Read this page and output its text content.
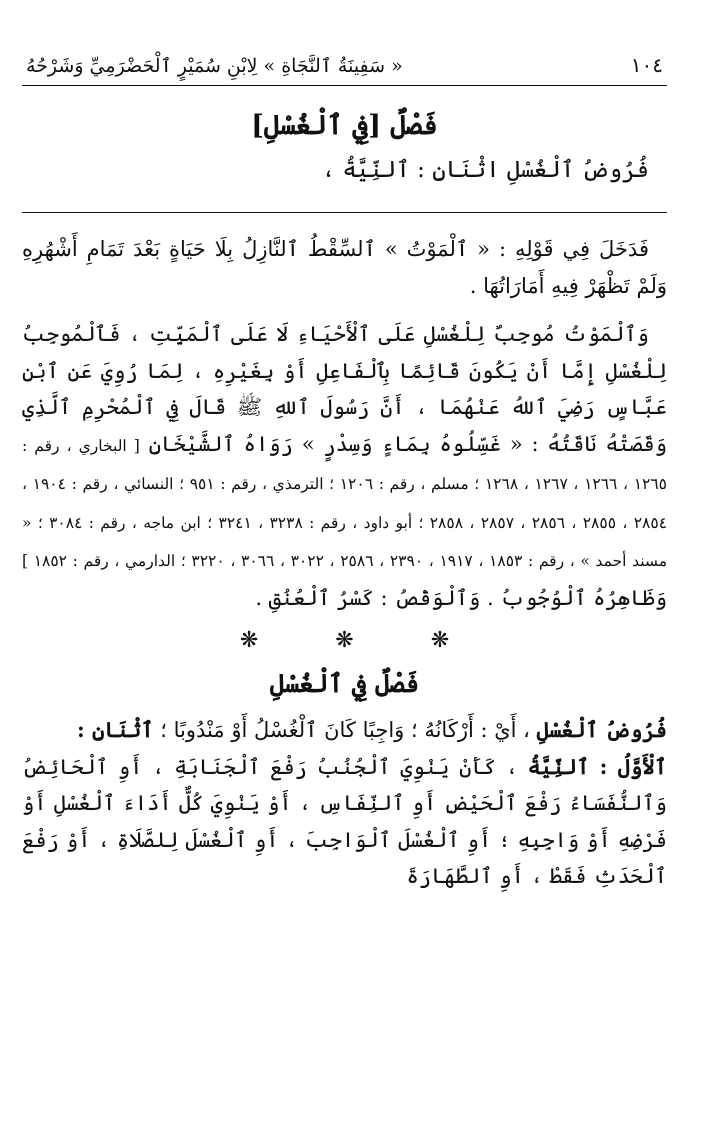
١٠٤
« سَفِينَةُ ٱلنَّجَاةِ » لِابْنِ سُمَيْرٍ ٱلْحَضْرَمِيِّ وَشَرْحُهُ
فَصْلٌ [فِي ٱلْغُسْلِ]
فُرُوضُ ٱلْغُسْلِ اثْنَانِ : ٱلنِّيَّةُ ،

فَدَخَلَ فِي قَوْلِهِ : « ٱلْمَوْتُ » ٱلسِّقْطُ ٱلنَّازِلُ بِلَا حَيَاةٍ بَعْدَ تَمَامِ أَشْهُرِهِ وَلَمْ تَظْهَرْ فِيهِ أَمَارَاتُهَا .

وَٱلْمَوْتُ مُوجِبٌ لِلْغُسْلِ عَلَى ٱلْأَحْيَاءِ لَا عَلَى ٱلْمَيِّتِ ، فَٱلْمُوجِبُ لِلْغُسْلِ إِمَّا أَنْ يَكُونَ قَائِمًا بِٱلْفَاعِلِ أَوْ بِغَيْرِهِ ، لِمَا رُوِيَ عَنِ ٱبْنِ عَبَّاسٍ رَضِيَ ٱللهُ عَنْهُمَا ، أَنَّ رَسُولَ ٱللهِ ﷺ قَالَ فِي ٱلْمُحْرِمِ ٱلَّذِي وَقَصَتْهُ نَاقَتُهُ : « غَسِّلُوهُ بِمَاءٍ وَسِدْرٍ » رَوَاهُ ٱلشَّيْخَانِ [ البخاري ، رقم : ١٢٦٥ ، ١٢٦٦ ، ١٢٦٧ ، ١٢٦٨ ؛ مسلم ، رقم : ١٢٠٦ ؛ الترمذي ، رقم : ٩٥١ ؛ النسائي ، رقم : ١٩٠٤ ، ٢٨٥٤ ، ٢٨٥٥ ، ٢٨٥٦ ، ٢٨٥٧ ، ٢٨٥٨ ؛ أبو داود ، رقم : ٣٢٣٨ ، ٣٢٤١ ؛ ابن ماجه ، رقم : ٣٠٨٤ ؛ « مسند أحمد » ، رقم : ١٨٥٣ ، ١٩١٧ ، ٢٣٩٠ ، ٢٥٨٦ ، ٣٠٢٢ ، ٣٠٦٦ ، ٣٢٢٠ ؛ الدارمي ، رقم : ١٨٥٢ ] وَظَاهِرُهُ ٱلْوُجُوبُ . وَٱلْوَقْصُ : كَسْرُ ٱلْعُنُقِ .

❋ ❋ ❋
فَصْلٌ فِي ٱلْغُسْلِ

فُرُوضُ ٱلْغُسْلِ ، أَيْ : أَرْكَانُهُ ؛ وَاجِبًا كَانَ ٱلْغُسْلُ أَوْ مَنْدُوبًا ؛ ٱثْنَانِ :

ٱلْأَوَّلُ : ٱلنِّيَّةُ ، كَأَنْ يَنْوِيَ ٱلْجُنُبُ رَفْعَ ٱلْجَنَابَةِ ، أَوِ ٱلْحَائِضُ وَٱلنُّفَسَاءُ رَفْعَ ٱلْحَيْضِ أَوِ ٱلنِّفَاسِ ، أَوْ يَنْوِيَ كُلٌّ أَدَاءَ ٱلْغُسْلِ أَوْ فَرْضِهِ أَوْ وَاجِبِهِ ؛ أَوِ ٱلْغُسْلَ ٱلْوَاجِبَ ، أَوِ ٱلْغُسْلَ لِلصَّلَاةِ ، أَوْ رَفْعَ ٱلْحَدَثِ فَقَطْ ، أَوِ ٱلطَّهَارَةَ
